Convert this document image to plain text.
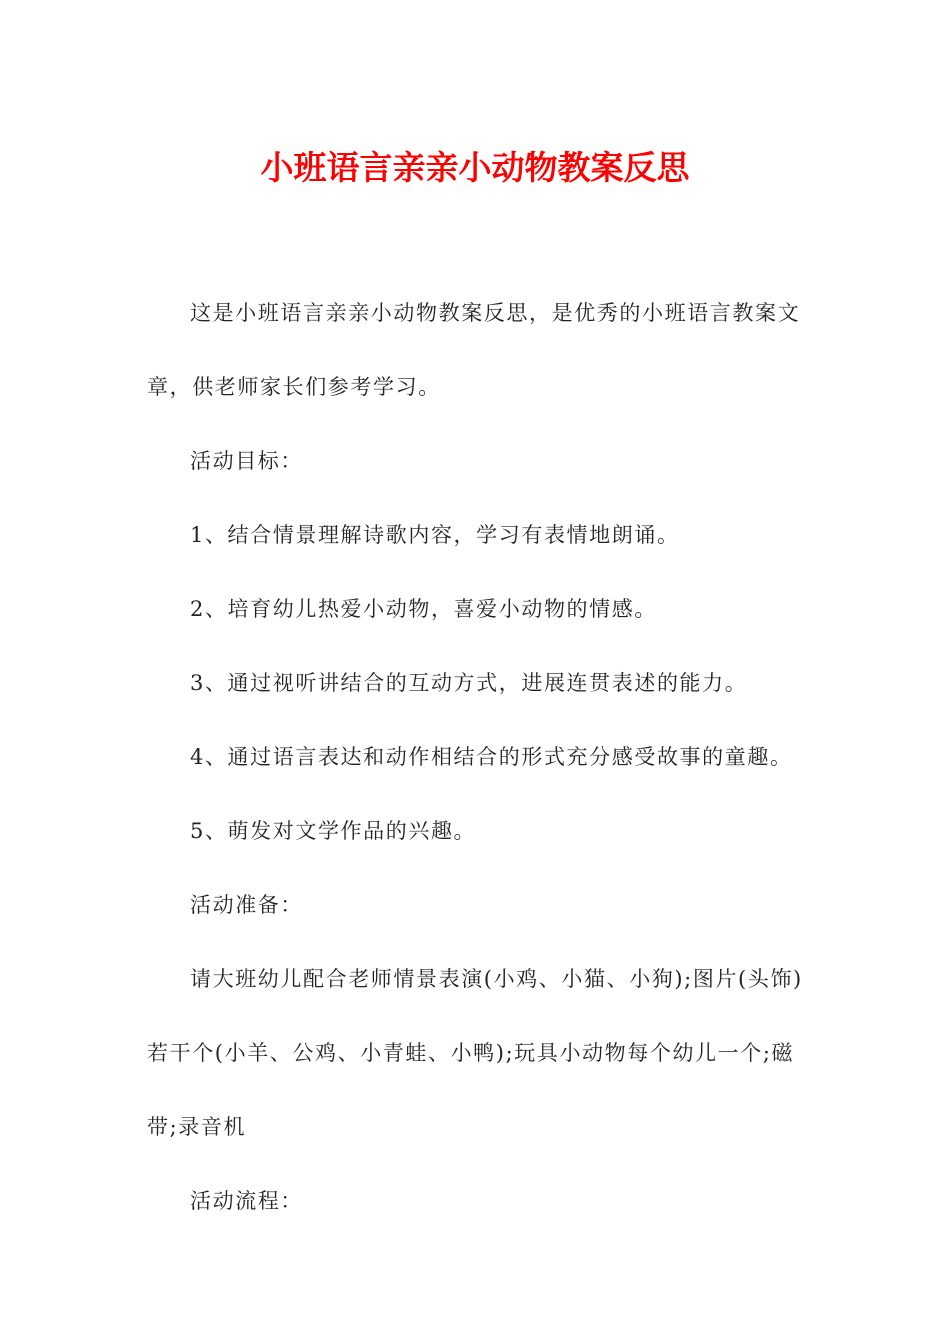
小班语言亲亲小动物教案反思
这是小班语言亲亲小动物教案反思，是优秀的小班语言教案文
章，供老师家长们参考学习。
活动目标：
1、结合情景理解诗歌内容，学习有表情地朗诵。
2、培育幼儿热爱小动物，喜爱小动物的情感。
3、通过视听讲结合的互动方式，进展连贯表述的能力。
4、通过语言表达和动作相结合的形式充分感受故事的童趣。
5、萌发对文学作品的兴趣。
活动准备：
请大班幼儿配合老师情景表演(小鸡、小猫、小狗);图片(头饰)
若干个(小羊、公鸡、小青蛙、小鸭);玩具小动物每个幼儿一个;磁
带;录音机
活动流程：
